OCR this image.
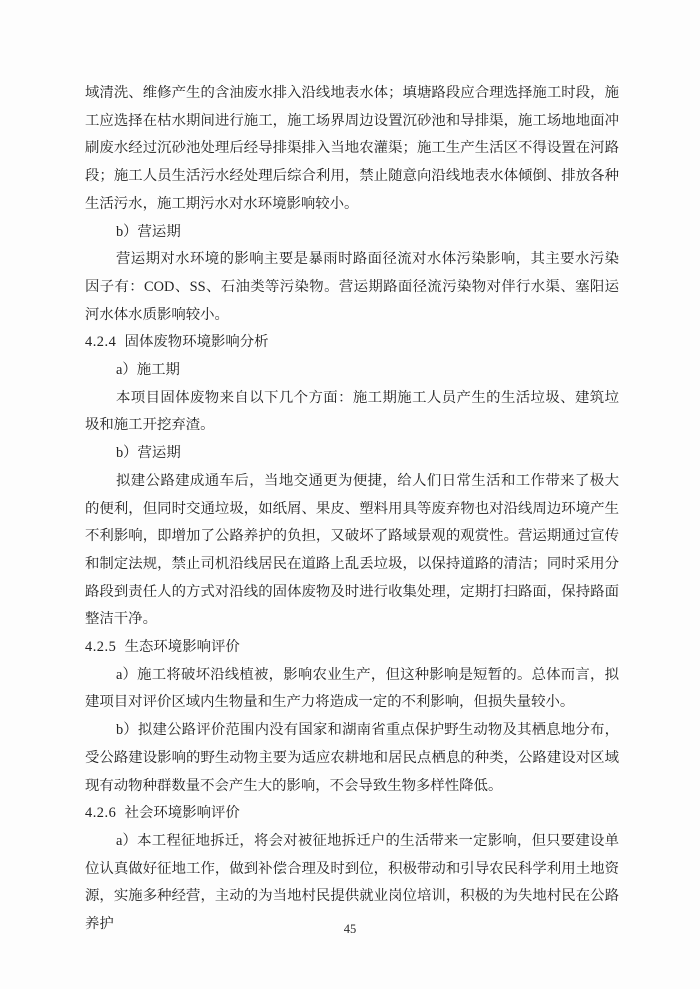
域清洗、维修产生的含油废水排入沿线地表水体；填塘路段应合理选择施工时段，施工应选择在枯水期间进行施工，施工场界周边设置沉砂池和导排渠，施工场地地面冲刷废水经过沉砂池处理后经导排渠排入当地农灌渠；施工生产生活区不得设置在河路段；施工人员生活污水经处理后综合利用，禁止随意向沿线地表水体倾倒、排放各种生活污水，施工期污水对水环境影响较小。

b）营运期

营运期对水环境的影响主要是暴雨时路面径流对水体污染影响，其主要水污染因子有：COD、SS、石油类等污染物。营运期路面径流污染物对伴行水渠、塞阳运河水体水质影响较小。

4.2.4 固体废物环境影响分析

a）施工期

本项目固体废物来自以下几个方面：施工期施工人员产生的生活垃圾、建筑垃圾和施工开挖弃渣。

b）营运期

拟建公路建成通车后，当地交通更为便捷，给人们日常生活和工作带来了极大的便利，但同时交通垃圾，如纸屑、果皮、塑料用具等废弃物也对沿线周边环境产生不利影响，即增加了公路养护的负担，又破坏了路域景观的观赏性。营运期通过宣传和制定法规，禁止司机沿线居民在道路上乱丢垃圾，以保持道路的清洁；同时采用分路段到责任人的方式对沿线的固体废物及时进行收集处理，定期打扫路面，保持路面整洁干净。

4.2.5 生态环境影响评价

a）施工将破坏沿线植被，影响农业生产，但这种影响是短暂的。总体而言，拟建项目对评价区域内生物量和生产力将造成一定的不利影响，但损失量较小。

b）拟建公路评价范围内没有国家和湖南省重点保护野生动物及其栖息地分布，受公路建设影响的野生动物主要为适应农耕地和居民点栖息的种类，公路建设对区域现有动物种群数量不会产生大的影响，不会导致生物多样性降低。

4.2.6 社会环境影响评价

a）本工程征地拆迁，将会对被征地拆迁户的生活带来一定影响，但只要建设单位认真做好征地工作，做到补偿合理及时到位，积极带动和引导农民科学利用土地资源，实施多种经营，主动的为当地村民提供就业岗位培训，积极的为失地村民在公路养护	45
